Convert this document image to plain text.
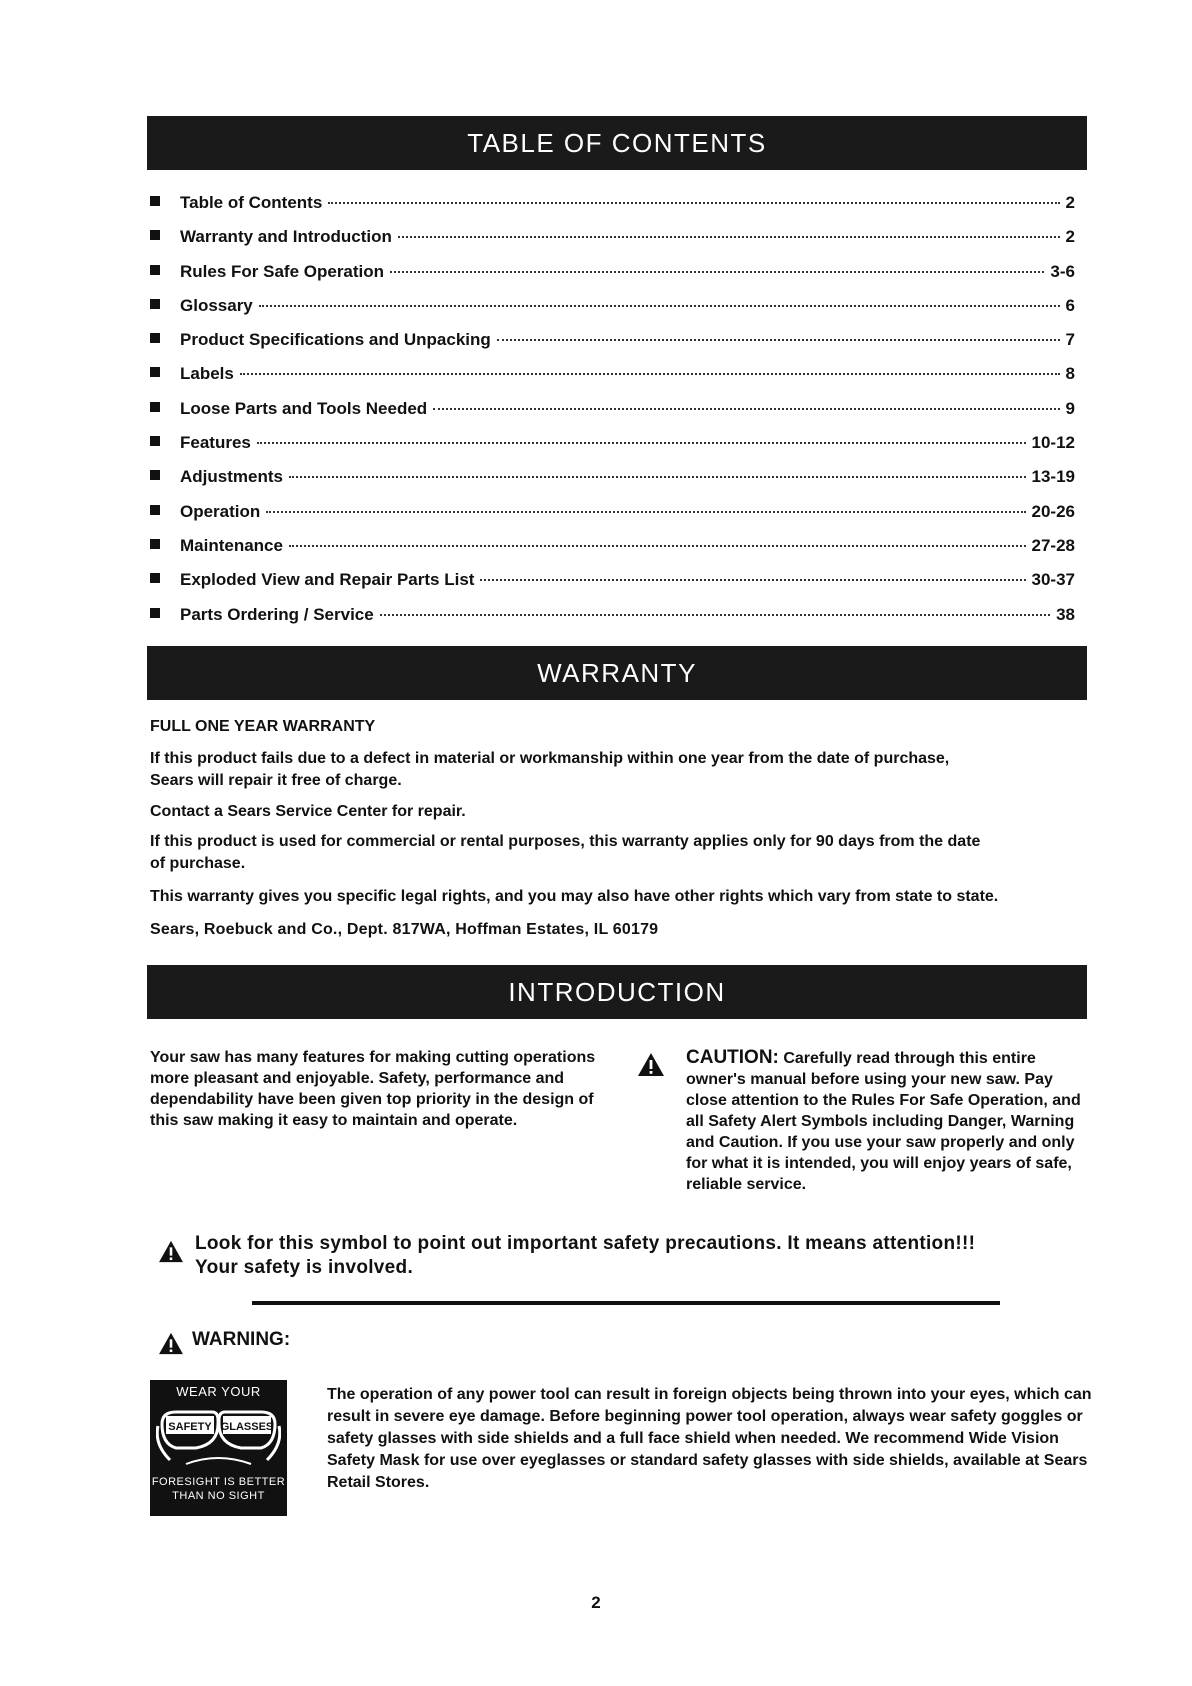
TABLE OF CONTENTS
Table of Contents	2
Warranty and Introduction	2
Rules For Safe Operation	3-6
Glossary	6
Product Specifications and Unpacking	7
Labels	8
Loose Parts and Tools Needed	9
Features	10-12
Adjustments	13-19
Operation	20-26
Maintenance	27-28
Exploded View and Repair Parts List	30-37
Parts Ordering / Service	38
WARRANTY
FULL ONE YEAR WARRANTY
If this product fails due to a defect in material or workmanship within one year from the date of purchase,
Sears will repair it free of charge.
Contact a Sears Service Center for repair.
If this product is used for commercial or rental purposes, this warranty applies only for 90 days from the date
of purchase.
This warranty gives you specific legal rights, and you may also have other rights which vary from state to state.
Sears, Roebuck and Co., Dept. 817WA, Hoffman Estates, IL 60179
INTRODUCTION
Your saw has many features for making cutting operations more pleasant and enjoyable. Safety, performance and dependability have been given top priority in the design of this saw making it easy to maintain and operate.
CAUTION: Carefully read through this entire owner's manual before using your new saw. Pay close attention to the Rules For Safe Operation, and all Safety Alert Symbols including Danger, Warning and Caution. If you use your saw properly and only for what it is intended, you will enjoy years of safe, reliable service.
Look for this symbol to point out important safety precautions. It means attention!!!
Your safety is involved.
WARNING:
WEAR YOUR
SAFETY GLASSES
FORESIGHT IS BETTER
THAN NO SIGHT
The operation of any power tool can result in foreign objects being thrown into your eyes, which can result in severe eye damage. Before beginning power tool operation, always wear safety goggles or safety glasses with side shields and a full face shield when needed. We recommend Wide Vision Safety Mask for use over eyeglasses or standard safety glasses with side shields, available at Sears Retail Stores.
2
